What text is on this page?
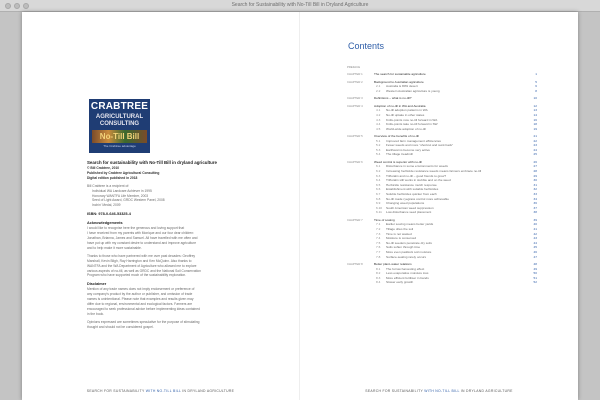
Search for Sustainability with No-Till Bill in Dryland Agriculture
CRABTREE
AGRICULTURAL
CONSULTING
No-Till Bill
The Crabtree advantage
Search for sustainability with No-Till Bill in dryland agriculture
© Bill Crabtree, 2010
Published by Crabtree Agricultural Consulting
Digital edition published in 2018
Bill Crabtree is a recipient of:
Individual WA Landcare Achiever in 1995
Honorary WANTFA Life Member, 2003
Seed of Light Award, GRDC Western Panel, 2008
Inchin' Medal, 2009
ISBN: 978-0-646-53325-4
Acknowledgements
I would like to recognise here the generous and loving support that
I have received from my parents with Monique and our four dear children:
Jonathan, Brianna, James and Samuel. All have travelled with me often and
have put up with my constant desire to understand and improve agriculture
and to help make it more sustainable.
Thanks to those who have partnered with me over past decades: Geoffrey
Marshall, Kevin Bligh, Ray Harrington and Ken McQuinn. Also thanks to
WANTFA and the WA Department of Agriculture who allowed me to explore
various aspects of no-till, as well as GRDC and the National Soil Conservation
Program who have supported much of the sustainability exploration.
Disclaimer
Mention of any trade names does not imply endorsement or preference of
any company's product by the author or publisher, and omission of trade
names is unintentional. Please note that examples and results given may
differ due to regional, environmental and ecological factors. Farmers are
encouraged to seek professional advice before implementing ideas contained
in the book.
Opinions expressed are sometimes speculative for the purpose of stimulating
thought and should not be considered gospel.
SEARCH FOR SUSTAINABILITY WITH NO-TILL BILL IN DRYLAND AGRICULTURE
Contents
PREFACE
CHAPTER 1	The search for sustainable agriculture	1
CHAPTER 2	Background to Australian agriculture	5
2.1	Australia is 80% desert	6
2.2	Western Australian agriculture is young	8
CHAPTER 3	Definitions – what is no-till?	10
CHAPTER 4	Adoption of no-till in WA and Australia	12
4.1	No-till adoption patterns in WA	13
4.2	No-till uptake in other states	14
4.3	Knife-points now no-till forward in WA	16
4.4	Knife-points take no-till forward in SW	18
4.5	World-wide adoption of no-till	19
CHAPTER 5	Overview of the benefits of no-till	21
5.1	Improved farm management efficiencies	22
5.2	Fewer weeds and more “shortcut and sunk back”	23
5.3	Earthworms become very active	24
5.4	The tillage treadmill	25
CHAPTER 6	Weed control is superior with no-till	26
6.1	Disturbance in some environments for weeds	27
6.2	Increasing herbicide resistance weeds means farmers embrace no-till	28
6.3	Trifluralin and no-till – good friends to grow?	29
6.4	Trifluralin still works in stubble and on the weed	30
6.5	Herbicide resistance mulch response	31
6.6	Establishment with suitable herbicides	32
6.7	Soluble herbicides quicker from each	33
6.8	No-till made ryegrass control more achievable	34
6.9	Changing weed populations	36
6.10	South American weed suppression	37
6.11	Low disturbance seed placement	38
CHAPTER 7	Time of sowing	39
7.1	Earlier sowing means better yields	40
7.2	Tillage dries the soil	41
7.3	Time is not wasted	42
7.4	Moisture is conserved	43
7.5	No-till seeders penetrate dry soils	44
7.6	Soils soften through time	45
7.7	More even paddock soil moisture	46
7.8	Surface-sealing rarely occurs	47
CHAPTER 8	Better plant–water relations	48
8.1	The furrow harvesting effect	49
8.2	Less evaporative moisture loss	50
8.3	More efficient fertiliser in bands	51
8.4	Slower early growth	52
SEARCH FOR SUSTAINABILITY WITH NO-TILL BILL IN DRYLAND AGRICULTURE
